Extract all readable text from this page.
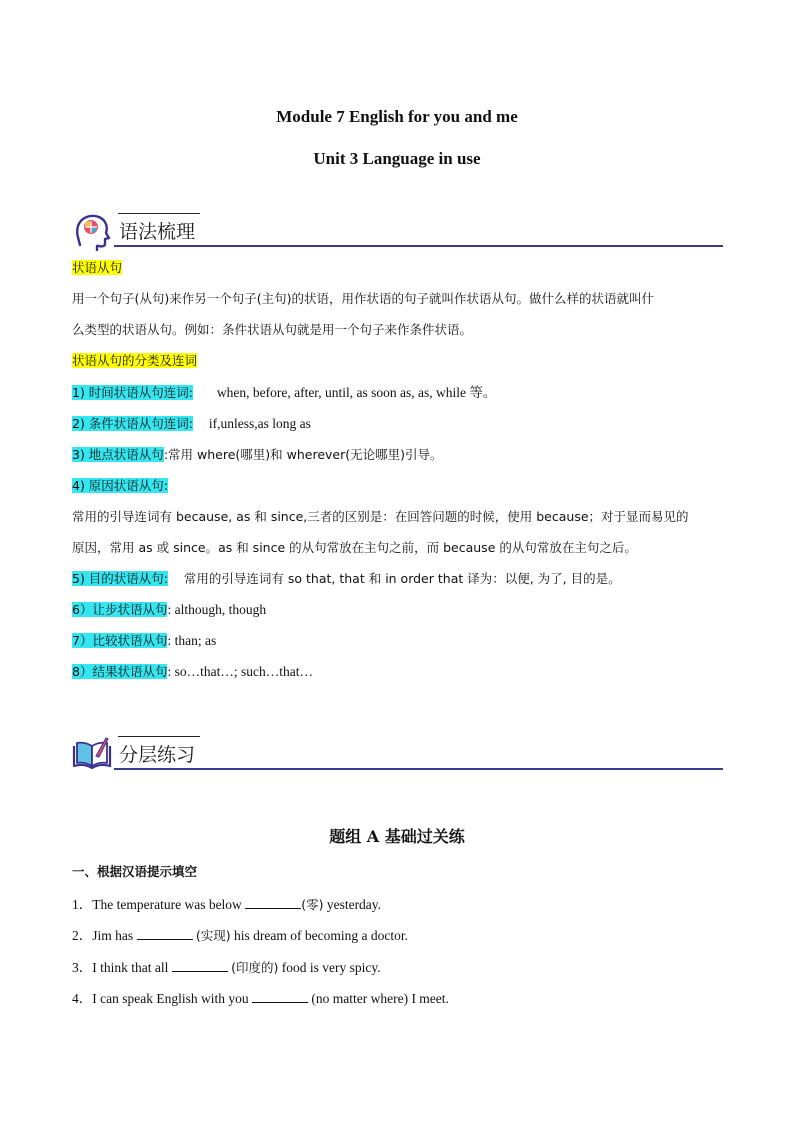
Module 7 English for you and me
Unit 3 Language in use
语法梳理
状语从句
用一个句子(从句)来作另一个句子(主句)的状语，用作状语的句子就叫作状语从句。做什么样的状语就叫什
么类型的状语从句。例如：条件状语从句就是用一个句子来作条件状语。
状语从句的分类及连词
1) 时间状语从句连词: when, before, after, until, as soon as, as, while 等。
2) 条件状语从句连词: if,unless,as long as
3) 地点状语从句:常用 where(哪里)和 wherever(无论哪里)引导。
4) 原因状语从句:
常用的引导连词有 because, as 和 since,三者的区别是：在回答问题的时候，使用 because；对于显而易见的
原因，常用 as 或 since。as 和 since 的从句常放在主句之前，而 because 的从句常放在主句之后。
5) 目的状语从句: 常用的引导连词有 so that, that 和 in order that 译为：以便, 为了, 目的是。
6）让步状语从句: although, though
7）比较状语从句: than; as
8）结果状语从句: so…that…; such…that…
分层练习
题组 A 基础过关练
一、根据汉语提示填空
1．The temperature was below	(零) yesterday.
2．Jim has	(实现) his dream of becoming a doctor.
3．I think that all	(印度的) food is very spicy.
4．I can speak English with you	(no matter where) I meet.
